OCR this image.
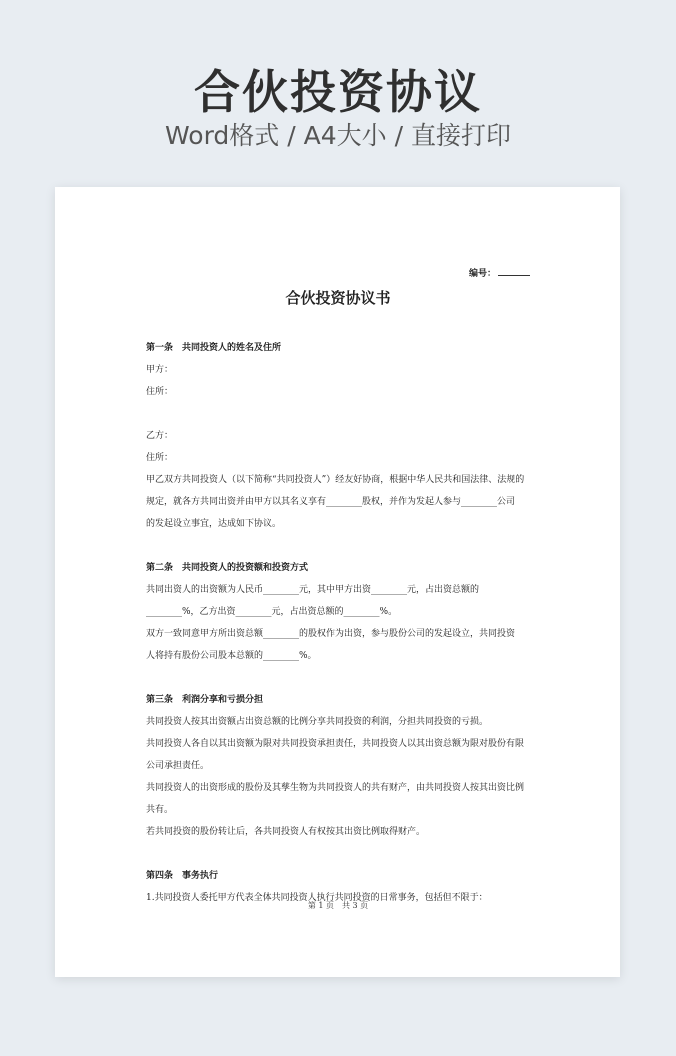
合伙投资协议
Word格式 / A4大小 / 直接打印
编号：
合伙投资协议书
第一条　共同投资人的姓名及住所
甲方：
住所：
乙方：
住所：
甲乙双方共同投资人（以下简称“共同投资人”）经友好协商，根据中华人民共和国法律、法规的
规定，就各方共同出资并由甲方以其名义享有________股权，并作为发起人参与________公司
的发起设立事宜，达成如下协议。
第二条　共同投资人的投资额和投资方式
共同出资人的出资额为人民币________元，其中甲方出资________元，占出资总额的
________%，乙方出资________元，占出资总额的________%。
双方一致同意甲方所出资总额________的股权作为出资，参与股份公司的发起设立，共同投资
人将持有股份公司股本总额的________%。
第三条　利润分享和亏损分担
共同投资人按其出资额占出资总额的比例分享共同投资的利润，分担共同投资的亏损。
共同投资人各自以其出资额为限对共同投资承担责任，共同投资人以其出资总额为限对股份有限
公司承担责任。
共同投资人的出资形成的股份及其孳生物为共同投资人的共有财产，由共同投资人按其出资比例
共有。
若共同投资的股份转让后，各共同投资人有权按其出资比例取得财产。
第四条　事务执行
1.共同投资人委托甲方代表全体共同投资人执行共同投资的日常事务，包括但不限于：
第 1 页　共 3 页
